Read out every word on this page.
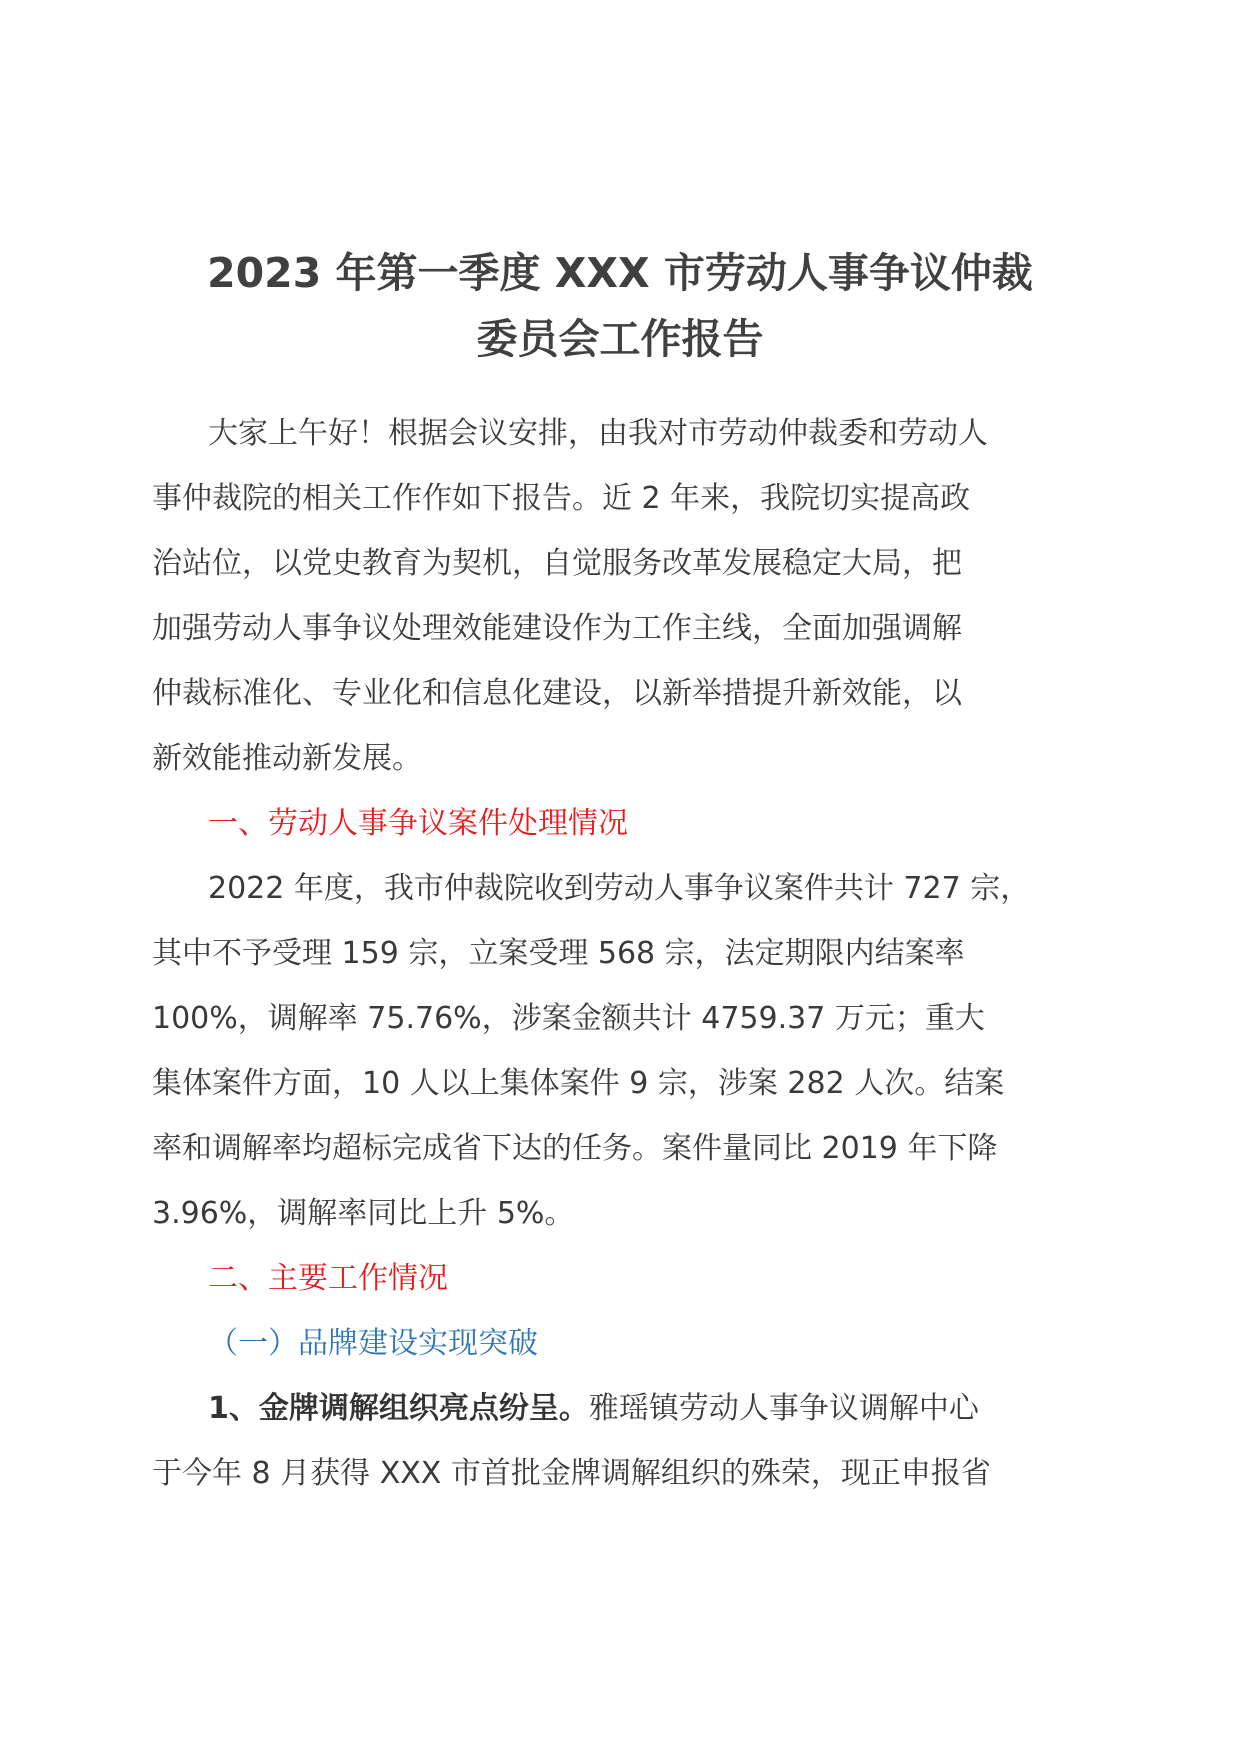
2023 年第一季度 XXX 市劳动人事争议仲裁
委员会工作报告
大家上午好！根据会议安排，由我对市劳动仲裁委和劳动人
事仲裁院的相关工作作如下报告。近 2 年来，我院切实提高政
治站位，以党史教育为契机，自觉服务改革发展稳定大局，把
加强劳动人事争议处理效能建设作为工作主线，全面加强调解
仲裁标准化、专业化和信息化建设，以新举措提升新效能，以
新效能推动新发展。
一、劳动人事争议案件处理情况
2022 年度，我市仲裁院收到劳动人事争议案件共计 727 宗，
其中不予受理 159 宗，立案受理 568 宗，法定期限内结案率
100%，调解率 75.76%，涉案金额共计 4759.37 万元；重大
集体案件方面，10 人以上集体案件 9 宗，涉案 282 人次。结案
率和调解率均超标完成省下达的任务。案件量同比 2019 年下降
3.96%，调解率同比上升 5%。
二、主要工作情况
（一）品牌建设实现突破
1、金牌调解组织亮点纷呈。雅瑶镇劳动人事争议调解中心
于今年 8 月获得 XXX 市首批金牌调解组织的殊荣，现正申报省
